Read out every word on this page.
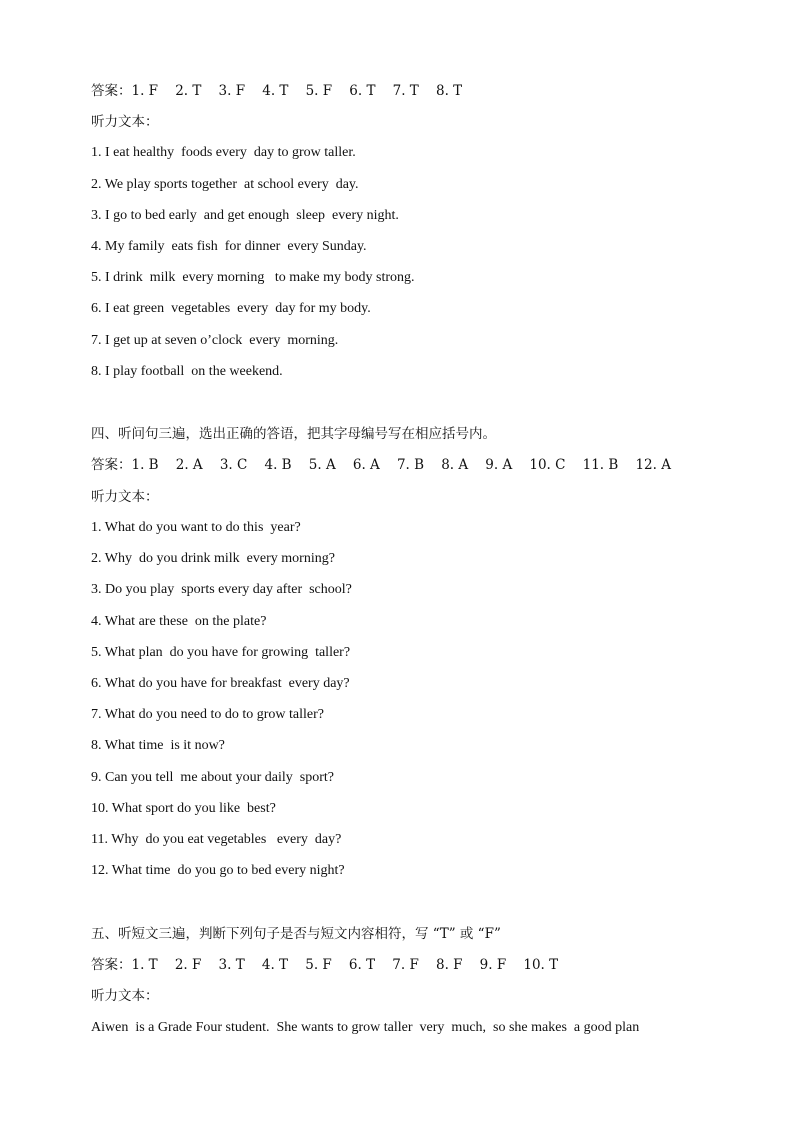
答案：1. F    2. T    3. F    4. T    5. F    6. T    7. T    8. T
听力文本：
1. I eat healthy  foods every  day to grow taller.
2. We play sports together  at school every  day.
3. I go to bed early  and get enough  sleep  every night.
4. My family  eats fish  for dinner  every Sunday.
5. I drink  milk  every morning   to make my body strong.
6. I eat green  vegetables  every  day for my body.
7. I get up at seven o’clock  every  morning.
8. I play football  on the weekend.
四、听问句三遍，选出正确的答语，把其字母编号写在相应括号内。
答案：1. B    2. A    3. C    4. B    5. A    6. A    7. B    8. A    9. A    10. C    11. B    12. A
听力文本：
1. What do you want to do this  year?
2. Why  do you drink milk  every morning?
3. Do you play  sports every day after  school?
4. What are these  on the plate?
5. What plan  do you have for growing  taller?
6. What do you have for breakfast  every day?
7. What do you need to do to grow taller?
8. What time  is it now?
9. Can you tell  me about your daily  sport?
10. What sport do you like  best?
11. Why  do you eat vegetables   every  day?
12. What time  do you go to bed every night?
五、听短文三遍，判断下列句子是否与短文内容相符，写 “T” 或 “F”
答案：1. T    2. F    3. T    4. T    5. F    6. T    7. F    8. F    9. F    10. T
听力文本：
Aiwen  is a Grade Four student.  She wants to grow taller  very  much,  so she makes  a good plan
